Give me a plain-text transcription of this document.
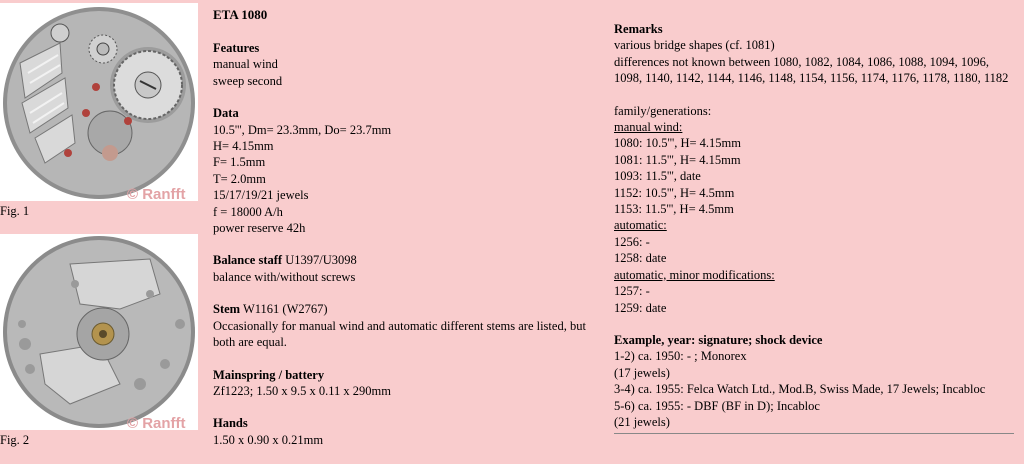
© Ranfft
Fig. 1
© Ranfft
Fig. 2
ETA 1080
Features
manual wind
sweep second
Data
10.5''', Dm= 23.3mm, Do= 23.7mm
H= 4.15mm
F= 1.5mm
T= 2.0mm
15/17/19/21 jewels
f = 18000 A/h
power reserve 42h
Balance staff U1397/U3098
balance with/without screws
Stem W1161 (W2767)
Occasionally for manual wind and automatic different stems are listed, but both are equal.
Mainspring / battery
Zf1223; 1.50 x 9.5 x 0.11 x 290mm
Hands
1.50 x 0.90 x 0.21mm
Remarks
various bridge shapes (cf. 1081)
differences not known between 1080, 1082, 1084, 1086, 1088, 1094, 1096, 1098, 1140, 1142, 1144, 1146, 1148, 1154, 1156, 1174, 1176, 1178, 1180, 1182
family/generations:
manual wind:
1080: 10.5''', H= 4.15mm
1081: 11.5''', H= 4.15mm
1093: 11.5''', date
1152: 10.5''', H= 4.5mm
1153: 11.5''', H= 4.5mm
automatic:
1256: -
1258: date
automatic, minor modifications:
1257: -
1259: date
Example, year: signature; shock device
1-2) ca. 1950: - ; Monorex
(17 jewels)
3-4) ca. 1955: Felca Watch Ltd., Mod.B, Swiss Made, 17 Jewels; Incabloc
5-6) ca. 1955: - DBF (BF in D); Incabloc
(21 jewels)
